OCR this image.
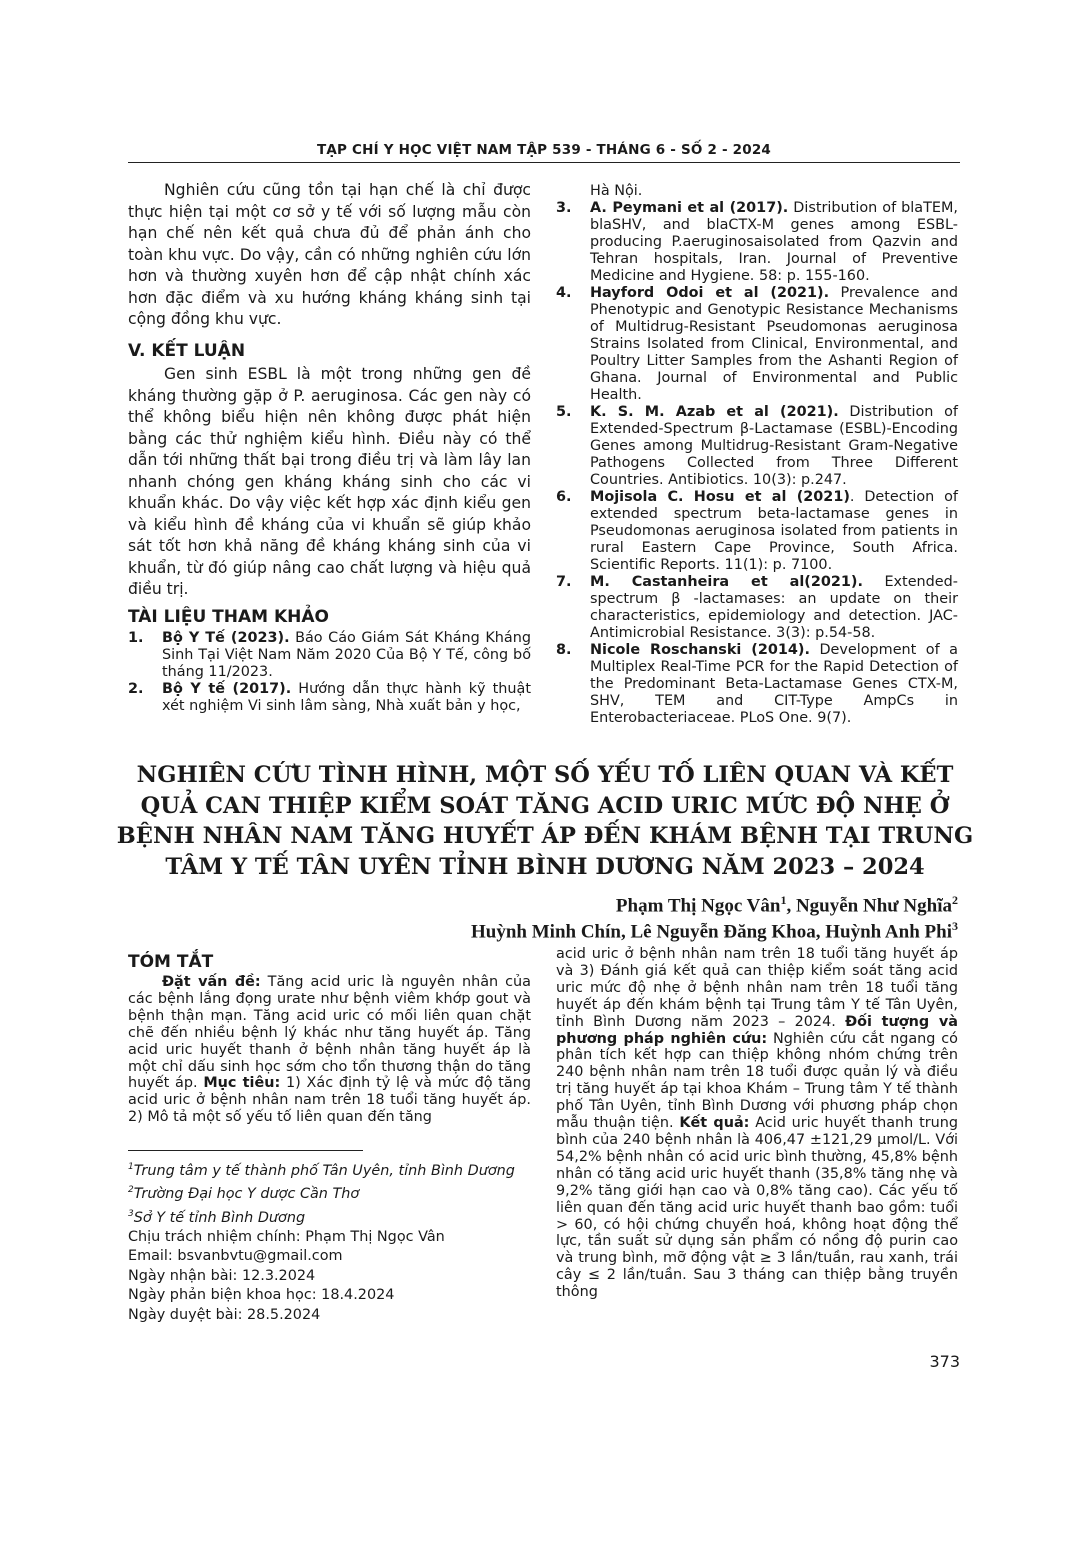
TẠP CHÍ Y HỌC VIỆT NAM TẬP 539 - THÁNG 6 - SỐ 2 - 2024

Nghiên cứu cũng tồn tại hạn chế là chỉ được thực hiện tại một cơ sở y tế với số lượng mẫu còn hạn chế nên kết quả chưa đủ để phản ánh cho toàn khu vực. Do vậy, cần có những nghiên cứu lớn hơn và thường xuyên hơn để cập nhật chính xác hơn đặc điểm và xu hướng kháng kháng sinh tại cộng đồng khu vực.

V. KẾT LUẬN

Gen sinh ESBL là một trong những gen đề kháng thường gặp ở P. aeruginosa. Các gen này có thể không biểu hiện nên không được phát hiện bằng các thử nghiệm kiểu hình. Điều này có thể dẫn tới những thất bại trong điều trị và làm lây lan nhanh chóng gen kháng kháng sinh cho các vi khuẩn khác. Do vậy việc kết hợp xác định kiểu gen và kiểu hình đề kháng của vi khuẩn sẽ giúp khảo sát tốt hơn khả năng đề kháng kháng sinh của vi khuẩn, từ đó giúp nâng cao chất lượng và hiệu quả điều trị.

TÀI LIỆU THAM KHẢO
1. Bộ Y Tế (2023). Báo Cáo Giám Sát Kháng Kháng Sinh Tại Việt Nam Năm 2020 Của Bộ Y Tế, công bố tháng 11/2023.
2. Bộ Y tế (2017). Hướng dẫn thực hành kỹ thuật xét nghiệm Vi sinh lâm sàng, Nhà xuất bản y học,
Hà Nội.
3. A. Peymani et al (2017). Distribution of blaTEM, blaSHV, and blaCTX-M genes among ESBL-producing P.aeruginosaisolated from Qazvin and Tehran hospitals, Iran. Journal of Preventive Medicine and Hygiene. 58: p. 155-160.
4. Hayford Odoi et al (2021). Prevalence and Phenotypic and Genotypic Resistance Mechanisms of Multidrug-Resistant Pseudomonas aeruginosa Strains Isolated from Clinical, Environmental, and Poultry Litter Samples from the Ashanti Region of Ghana. Journal of Environmental and Public Health.
5. K. S. M. Azab et al (2021). Distribution of Extended-Spectrum β-Lactamase (ESBL)-Encoding Genes among Multidrug-Resistant Gram-Negative Pathogens Collected from Three Different Countries. Antibiotics. 10(3): p.247.
6. Mojisola C. Hosu et al (2021). Detection of extended spectrum beta-lactamase genes in Pseudomonas aeruginosa isolated from patients in rural Eastern Cape Province, South Africa. Scientific Reports. 11(1): p. 7100.
7. M. Castanheira et al(2021). Extended-spectrum β -lactamases: an update on their characteristics, epidemiology and detection. JAC-Antimicrobial Resistance. 3(3): p.54-58.
8. Nicole Roschanski (2014). Development of a Multiplex Real-Time PCR for the Rapid Detection of the Predominant Beta-Lactamase Genes CTX-M, SHV, TEM and CIT-Type AmpCs in Enterobacteriaceae. PLoS One. 9(7).
NGHIÊN CỨU TÌNH HÌNH, MỘT SỐ YẾU TỐ LIÊN QUAN VÀ KẾT QUẢ CAN THIỆP KIỂM SOÁT TĂNG ACID URIC MỨC ĐỘ NHẸ Ở BỆNH NHÂN NAM TĂNG HUYẾT ÁP ĐẾN KHÁM BỆNH TẠI TRUNG TÂM Y TẾ TÂN UYÊN TỈNH BÌNH DƯƠNG NĂM 2023 – 2024
Phạm Thị Ngọc Vân$^1$, Nguyễn Như Nghĩa$^2$
Huỳnh Minh Chín, Lê Nguyễn Đăng Khoa, Huỳnh Anh Phi$^3$
TÓM TẮT

Đặt vấn đề: Tăng acid uric là nguyên nhân của các bệnh lắng đọng urate như bệnh viêm khớp gout và bệnh thận mạn. Tăng acid uric có mối liên quan chặt chẽ đến nhiều bệnh lý khác như tăng huyết áp. Tăng acid uric huyết thanh ở bệnh nhân tăng huyết áp là một chỉ dấu sinh học sớm cho tổn thương thận do tăng huyết áp. Mục tiêu: 1) Xác định tỷ lệ và mức độ tăng acid uric ở bệnh nhân nam trên 18 tuổi tăng huyết áp. 2) Mô tả một số yếu tố liên quan đến tăng

$^1$Trung tâm y tế thành phố Tân Uyên, tỉnh Bình Dương
$^2$Trường Đại học Y dược Cần Thơ
$^3$Sở Y tế tỉnh Bình Dương
Chịu trách nhiệm chính: Phạm Thị Ngọc Vân
Email: bsvanbvtu@gmail.com
Ngày nhận bài: 12.3.2024
Ngày phản biện khoa học: 18.4.2024
Ngày duyệt bài: 28.5.2024
acid uric ở bệnh nhân nam trên 18 tuổi tăng huyết áp và 3) Đánh giá kết quả can thiệp kiểm soát tăng acid uric mức độ nhẹ ở bệnh nhân nam trên 18 tuổi tăng huyết áp đến khám bệnh tại Trung tâm Y tế Tân Uyên, tỉnh Bình Dương năm 2023 – 2024. Đối tượng và phương pháp nghiên cứu: Nghiên cứu cắt ngang có phân tích kết hợp can thiệp không nhóm chứng trên 240 bệnh nhân nam trên 18 tuổi được quản lý và điều trị tăng huyết áp tại khoa Khám – Trung tâm Y tế thành phố Tân Uyên, tỉnh Bình Dương với phương pháp chọn mẫu thuận tiện. Kết quả: Acid uric huyết thanh trung bình của 240 bệnh nhân là 406,47 ±121,29 µmol/L. Với 54,2% bệnh nhân có acid uric bình thường, 45,8% bệnh nhân có tăng acid uric huyết thanh (35,8% tăng nhẹ và 9,2% tăng giới hạn cao và 0,8% tăng cao). Các yếu tố liên quan đến tăng acid uric huyết thanh bao gồm: tuổi > 60, có hội chứng chuyển hoá, không hoạt động thể lực, tần suất sử dụng sản phẩm có nồng độ purin cao và trung bình, mỡ động vật ≥ 3 lần/tuần, rau xanh, trái cây ≤ 2 lần/tuần. Sau 3 tháng can thiệp bằng truyền thông
373
